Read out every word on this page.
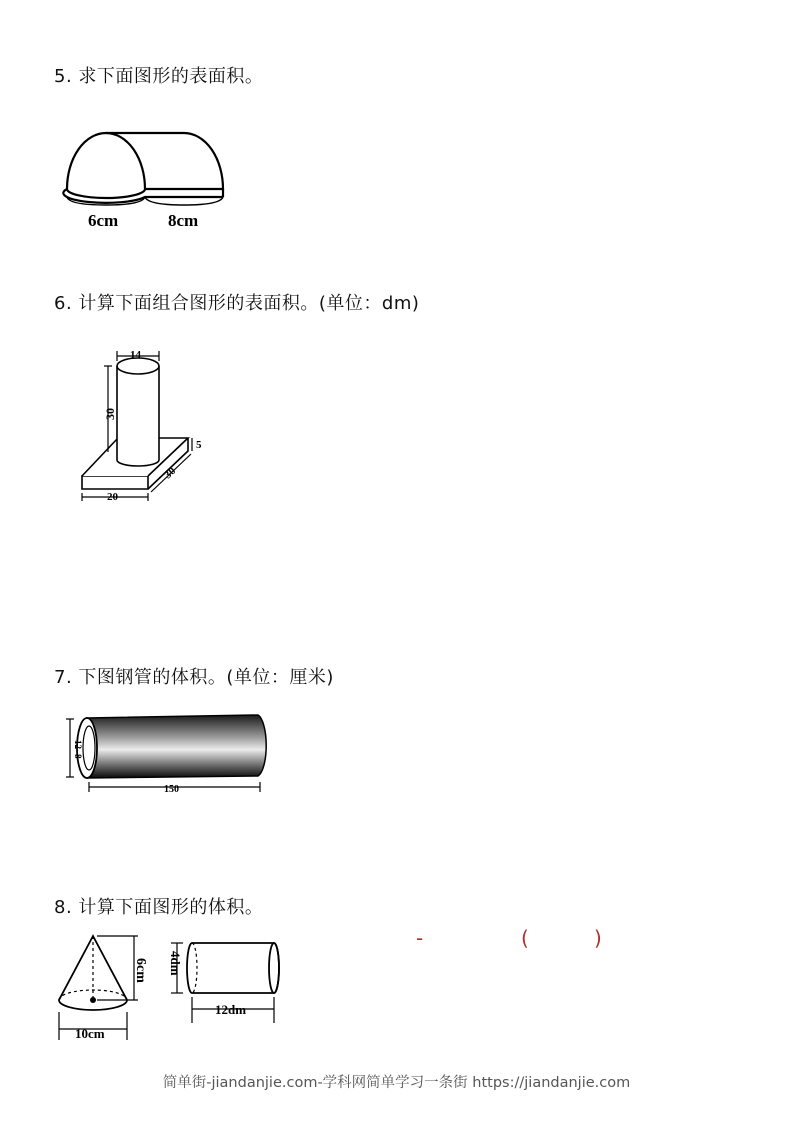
5. 求下面图形的表面积。
6cm	8cm
6. 计算下面组合图形的表面积。(单位：dm)
14
30
5
30
20
7. 下图钢管的体积。(单位：厘米)
12
8
150
8. 计算下面图形的体积。
6cm
10cm
4dm
12dm
-	(	)
简单街-jiandanjie.com-学科网简单学习一条街 https://jiandanjie.com
